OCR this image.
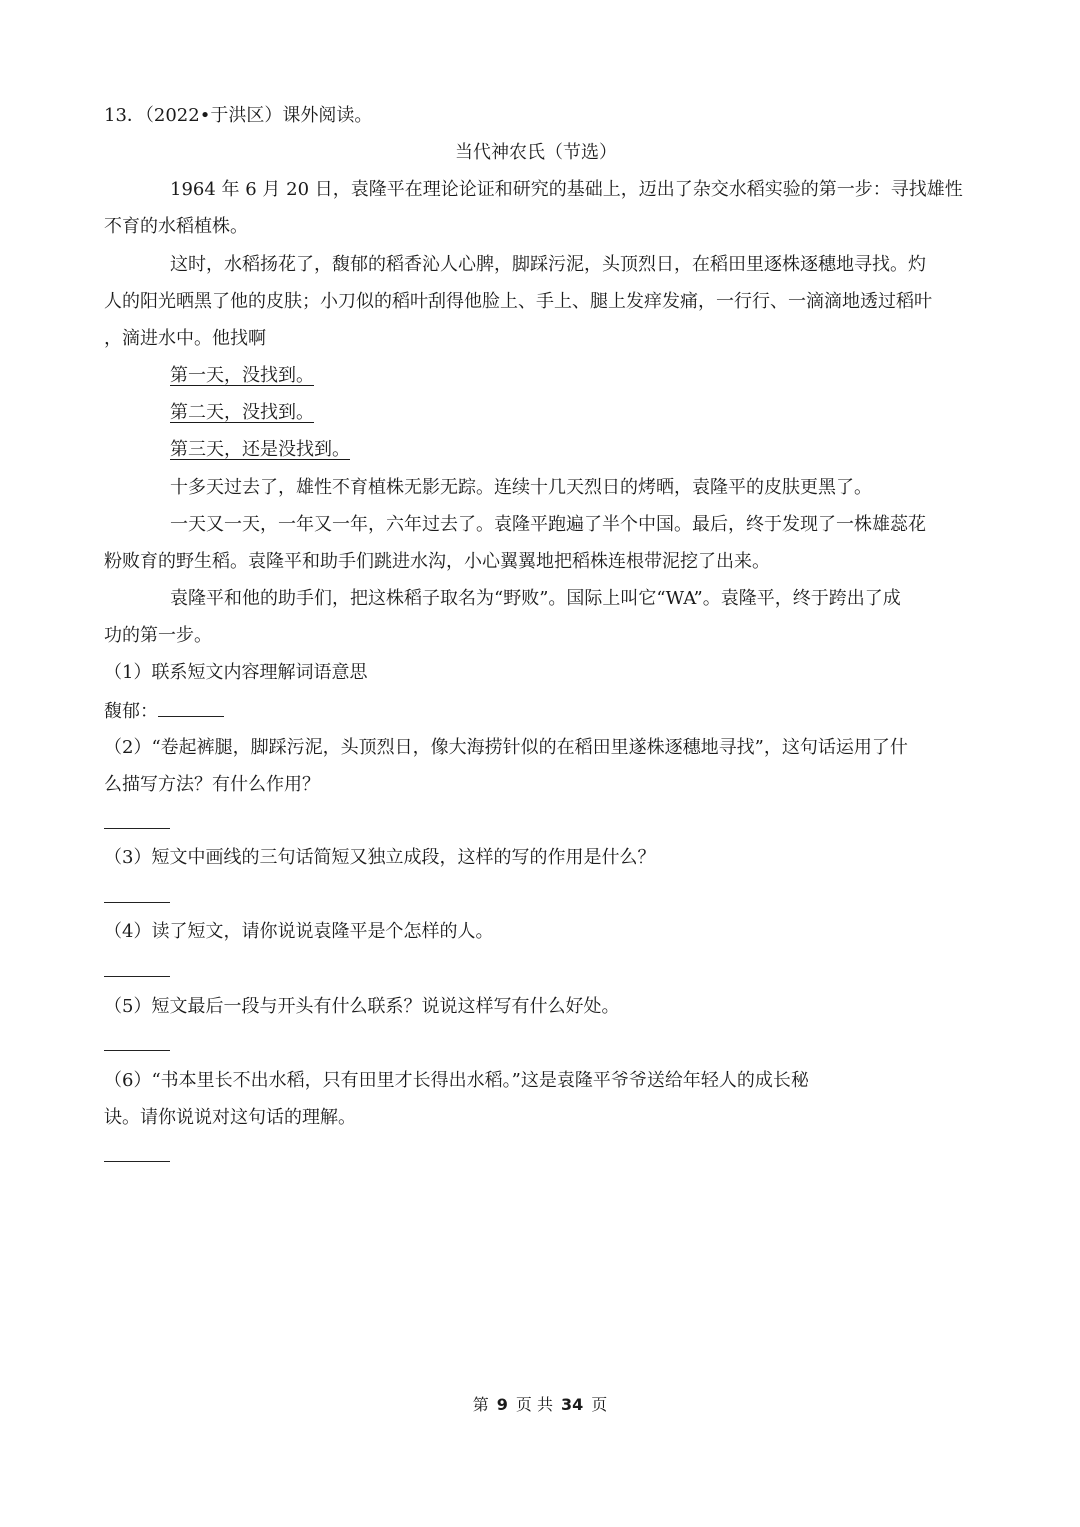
13．（2022•于洪区）课外阅读。
当代神农氏（节选）
1964 年 6 月 20 日，袁隆平在理论论证和研究的基础上，迈出了杂交水稻实验的第一步：寻找雄性
不育的水稻植株。
这时，水稻扬花了，馥郁的稻香沁人心脾，脚踩污泥，头顶烈日，在稻田里逐株逐穗地寻找。灼
人的阳光晒黑了他的皮肤；小刀似的稻叶刮得他脸上、手上、腿上发痒发痛，一行行、一滴滴地透过稻叶
，滴进水中。他找啊
第一天，没找到。
第二天，没找到。
第三天，还是没找到。
十多天过去了，雄性不育植株无影无踪。连续十几天烈日的烤晒，袁隆平的皮肤更黑了。
一天又一天，一年又一年，六年过去了。袁隆平跑遍了半个中国。最后，终于发现了一株雄蕊花
粉败育的野生稻。袁隆平和助手们跳进水沟，小心翼翼地把稻株连根带泥挖了出来。
袁隆平和他的助手们，把这株稻子取名为“野败”。国际上叫它“WA”。袁隆平，终于跨出了成
功的第一步。
（1）联系短文内容理解词语意思
馥郁：
（2）“卷起裤腿，脚踩污泥，头顶烈日，像大海捞针似的在稻田里遂株逐穗地寻找”，这句话运用了什
么描写方法？有什么作用？
（3）短文中画线的三句话简短又独立成段，这样的写的作用是什么？
（4）读了短文，请你说说袁隆平是个怎样的人。
（5）短文最后一段与开头有什么联系？说说这样写有什么好处。
（6）“书本里长不出水稻，只有田里才长得出水稻。”这是袁隆平爷爷送给年轻人的成长秘
诀。请你说说对这句话的理解。
第 9 页 共 34 页
